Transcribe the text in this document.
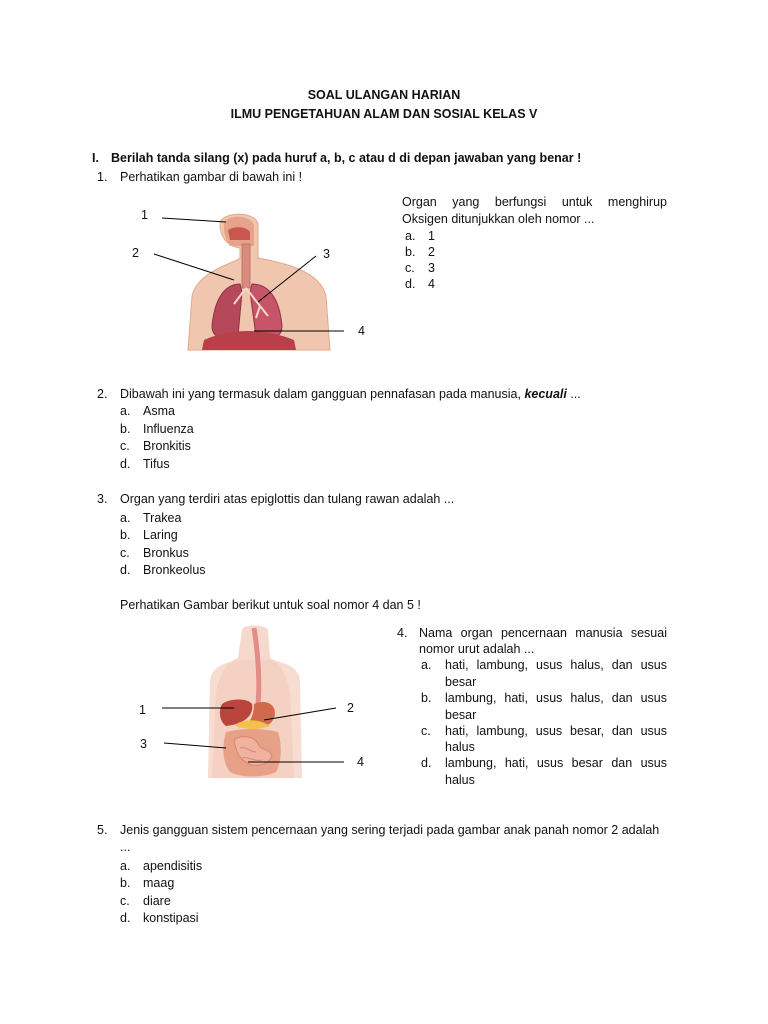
SOAL ULANGAN HARIAN
ILMU PENGETAHUAN ALAM DAN SOSIAL KELAS V
I. Berilah tanda silang (x) pada huruf a, b, c atau d di depan jawaban yang benar !
1. Perhatikan gambar di bawah ini !
1
2	3
4
Organ yang berfungsi untuk menghirup
Oksigen ditunjukkan oleh nomor ...
a. 1
b. 2
c. 3
d. 4
2. Dibawah ini yang termasuk dalam gangguan pennafasan pada manusia, kecuali ...
a. Asma
b. Influenza
c. Bronkitis
d. Tifus
3. Organ yang terdiri atas epiglottis dan tulang rawan adalah ...
a. Trakea
b. Laring
c. Bronkus
d. Bronkeolus
Perhatikan Gambar berikut untuk soal nomor 4 dan 5 !
1	2
3
4
4. Nama organ pencernaan manusia sesuai
nomor urut adalah ...
a. hati, lambung, usus halus, dan usus
besar
b. lambung, hati, usus halus, dan usus
besar
c. hati, lambung, usus besar, dan usus
halus
d. lambung, hati, usus besar dan usus
halus
5. Jenis gangguan sistem pencernaan yang sering terjadi pada gambar anak panah nomor 2 adalah
...
a. apendisitis
b. maag
c. diare
d. konstipasi
